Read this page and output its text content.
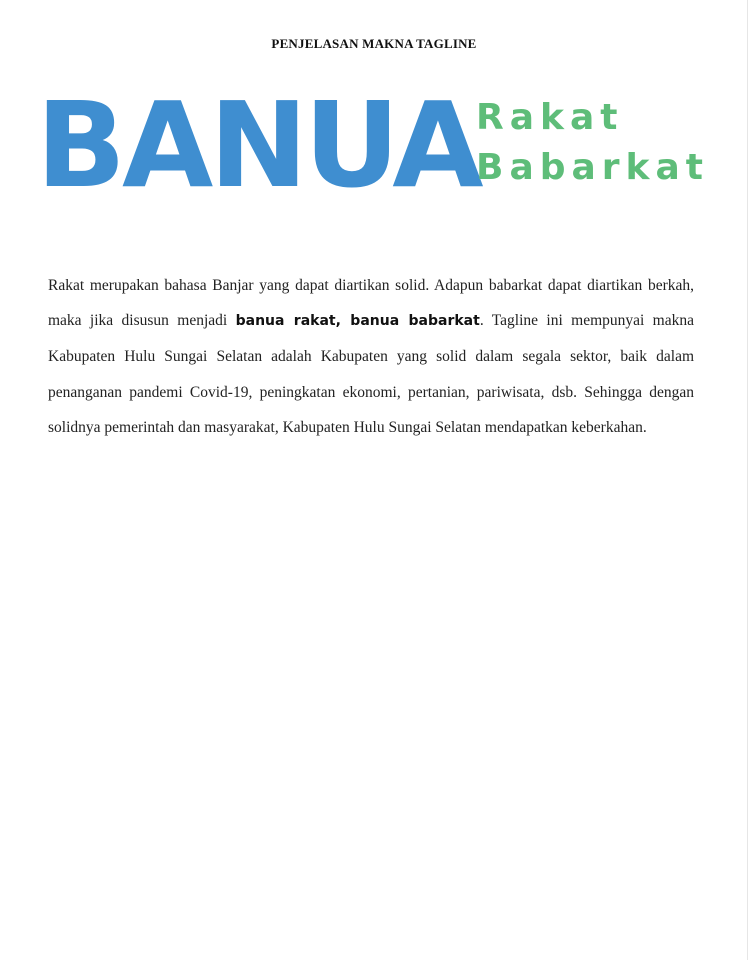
PENJELASAN MAKNA TAGLINE
BANUA
Rakat
Babarkat

Rakat merupakan bahasa Banjar yang dapat diartikan solid. Adapun babarkat dapat diartikan berkah, maka jika disusun menjadi banua rakat, banua babarkat. Tagline ini mempunyai makna Kabupaten Hulu Sungai Selatan adalah Kabupaten yang solid dalam segala sektor, baik dalam penanganan pandemi Covid-19, peningkatan ekonomi, pertanian, pariwisata, dsb. Sehingga dengan solidnya pemerintah dan masyarakat, Kabupaten Hulu Sungai Selatan mendapatkan keberkahan.
